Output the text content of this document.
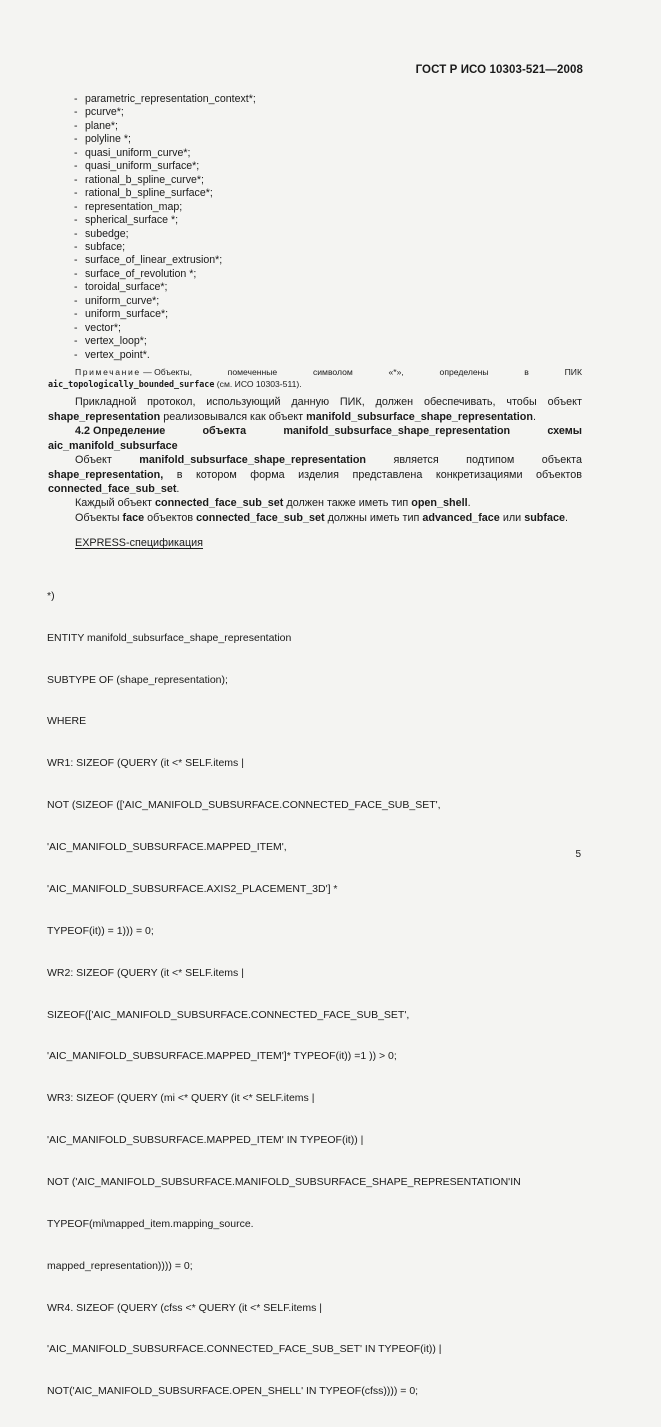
ГОСТ Р ИСО 10303-521—2008
- parametric_representation_context*;
- pcurve*;
- plane*;
- polyline *;
- quasi_uniform_curve*;
- quasi_uniform_surface*;
- rational_b_spline_curve*;
- rational_b_spline_surface*;
- representation_map;
- spherical_surface *;
- subedge;
- subface;
- surface_of_linear_extrusion*;
- surface_of_revolution *;
- toroidal_surface*;
- uniform_curve*;
- uniform_surface*;
- vector*;
- vertex_loop*;
- vertex_point*.
Примечание — Объекты,	помеченные	символом	«*»,	определены	в	ПИК
aic_topologically_bounded_surface (см. ИСО 10303-511).
Прикладной протокол, использующий данную ПИК, должен обеспечивать, чтобы объект
shape_representation реализовывался как объект manifold_subsurface_shape_representation.
4.2 Определение	объекта	manifold_subsurface_shape_representation	схемы
aic_manifold_subsurface
Объект	manifold_subsurface_shape_representation	является	подтипом	объекта
shape_representation, в котором форма изделия представлена конкретизациями объектов
connected_face_sub_set.

Каждый объект connected_face_sub_set должен также иметь тип open_shell.

Объекты face объектов connected_face_sub_set должны иметь тип advanced_face или subface.

EXPRESS-спецификация

*)

ENTITY manifold_subsurface_shape_representation

SUBTYPE OF (shape_representation);

WHERE

WR1: SIZEOF (QUERY (it <* SELF.items |

NOT (SIZEOF (['AIC_MANIFOLD_SUBSURFACE.CONNECTED_FACE_SUB_SET',

'AIC_MANIFOLD_SUBSURFACE.MAPPED_ITEM',

'AIC_MANIFOLD_SUBSURFACE.AXIS2_PLACEMENT_3D'] *

TYPEOF(it)) = 1))) = 0;

WR2: SIZEOF (QUERY (it <* SELF.items |

SIZEOF(['AIC_MANIFOLD_SUBSURFACE.CONNECTED_FACE_SUB_SET',

'AIC_MANIFOLD_SUBSURFACE.MAPPED_ITEM']* TYPEOF(it)) =1 )) > 0;

WR3: SIZEOF (QUERY (mi <* QUERY (it <* SELF.items |

'AIC_MANIFOLD_SUBSURFACE.MAPPED_ITEM' IN TYPEOF(it)) |

NOT ('AIC_MANIFOLD_SUBSURFACE.MANIFOLD_SUBSURFACE_SHAPE_REPRESENTATION'IN

TYPEOF(mi\mapped_item.mapping_source.

mapped_representation)))) = 0;

WR4. SIZEOF (QUERY (cfss <* QUERY (it <* SELF.items |

'AIC_MANIFOLD_SUBSURFACE.CONNECTED_FACE_SUB_SET' IN TYPEOF(it)) |

NOT('AIC_MANIFOLD_SUBSURFACE.OPEN_SHELL' IN TYPEOF(cfss)))) = 0;

5
